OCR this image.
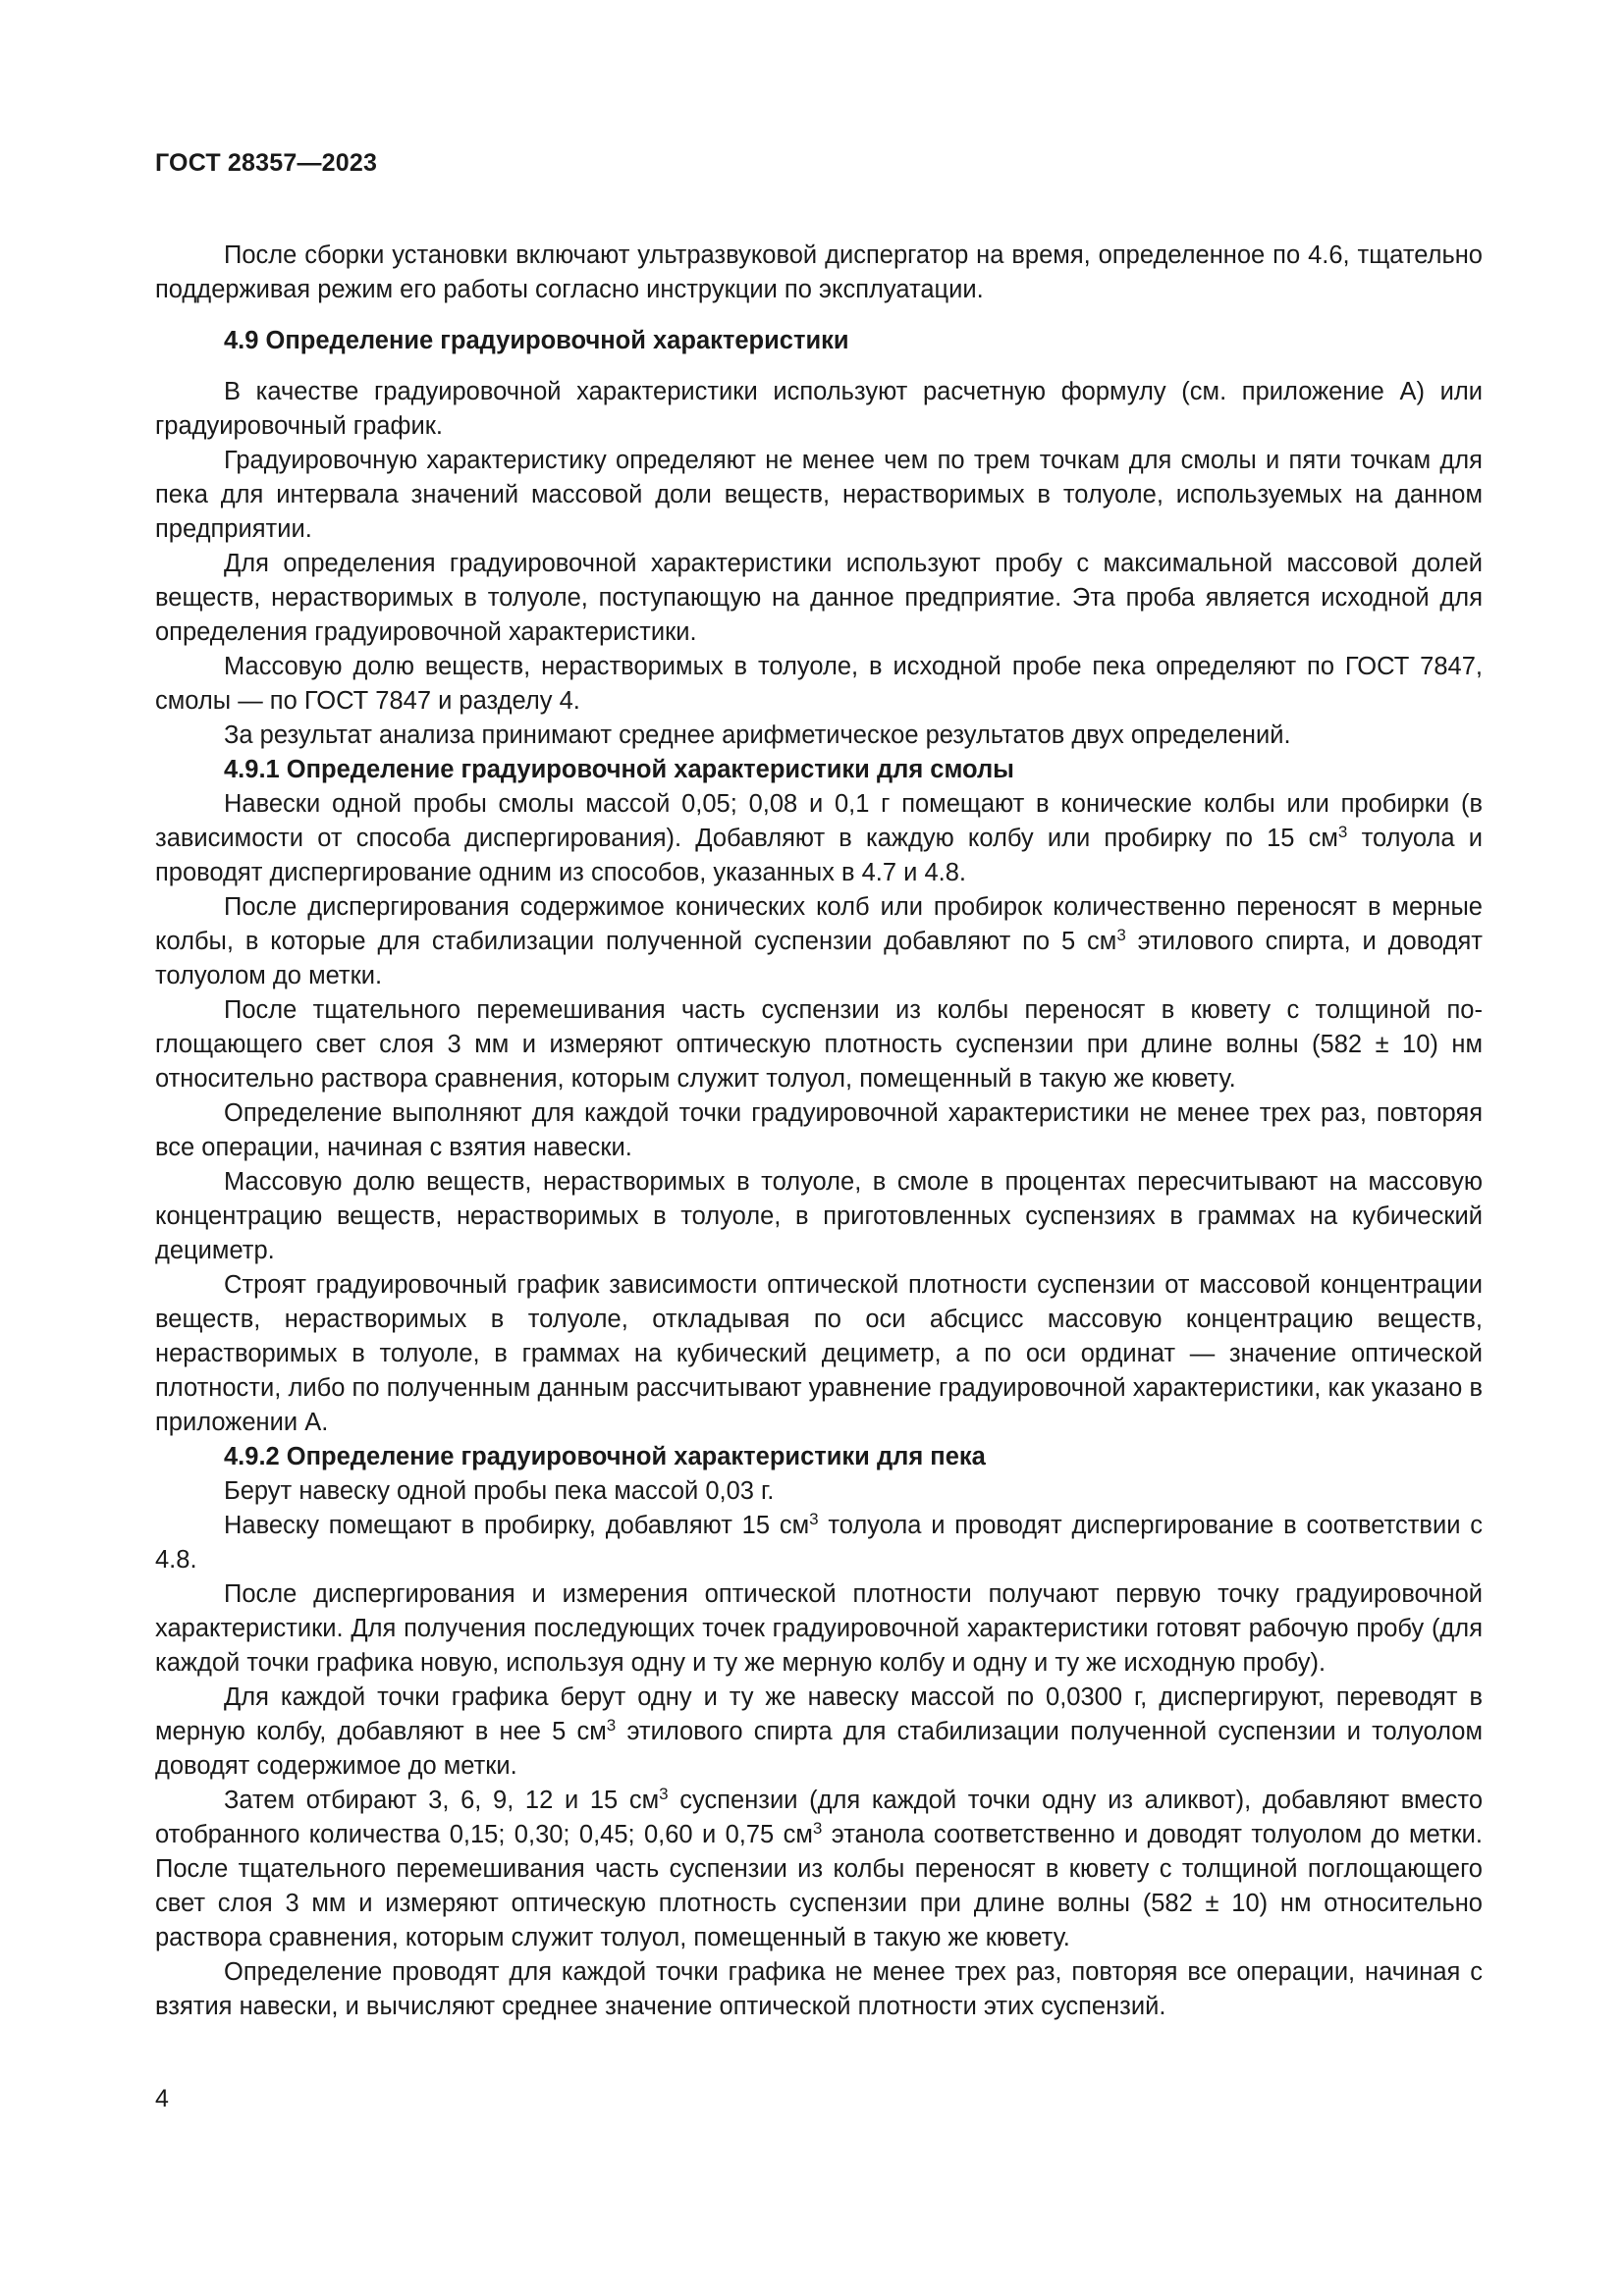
ГОСТ 28357—2023

После сборки установки включают ультразвуковой диспергатор на время, определенное по 4.6, тщательно поддерживая режим его работы согласно инструкции по эксплуатации.

4.9 Определение градуировочной характеристики

В качестве градуировочной характеристики используют расчетную формулу (см. приложение А) или градуировочный график.

Градуировочную характеристику определяют не менее чем по трем точкам для смолы и пяти точкам для пека для интервала значений массовой доли веществ, нерастворимых в толуоле, используемых на данном предприятии.

Для определения градуировочной характеристики используют пробу с максимальной массовой долей веществ, нерастворимых в толуоле, поступающую на данное предприятие. Эта проба является исходной для определения градуировочной характеристики.

Массовую долю веществ, нерастворимых в толуоле, в исходной пробе пека определяют по ГОСТ 7847, смолы — по ГОСТ 7847 и разделу 4.

За результат анализа принимают среднее арифметическое результатов двух определений.

4.9.1 Определение градуировочной характеристики для смолы

Навески одной пробы смолы массой 0,05; 0,08 и 0,1 г помещают в конические колбы или пробирки (в зависимости от способа диспергирования). Добавляют в каждую колбу или пробирку по 15 $см^3$ толуола и проводят диспергирование одним из способов, указанных в 4.7 и 4.8.

После диспергирования содержимое конических колб или пробирок количественно переносят в мерные колбы, в которые для стабилизации полученной суспензии добавляют по 5 $см^3$ этилового спирта, и доводят толуолом до метки.

После тщательного перемешивания часть суспензии из колбы переносят в кювету с толщиной поглощающего свет слоя 3 мм и измеряют оптическую плотность суспензии при длине волны (582 ± 10) нм относительно раствора сравнения, которым служит толуол, помещенный в такую же кювету.

Определение выполняют для каждой точки градуировочной характеристики не менее трех раз, повторяя все операции, начиная с взятия навески.

Массовую долю веществ, нерастворимых в толуоле, в смоле в процентах пересчитывают на массовую концентрацию веществ, нерастворимых в толуоле, в приготовленных суспензиях в граммах на кубический дециметр.

Строят градуировочный график зависимости оптической плотности суспензии от массовой концентрации веществ, нерастворимых в толуоле, откладывая по оси абсцисс массовую концентрацию веществ, нерастворимых в толуоле, в граммах на кубический дециметр, а по оси ординат — значение оптической плотности, либо по полученным данным рассчитывают уравнение градуировочной характеристики, как указано в приложении А.

4.9.2 Определение градуировочной характеристики для пека

Берут навеску одной пробы пека массой 0,03 г.

Навеску помещают в пробирку, добавляют 15 $см^3$ толуола и проводят диспергирование в соответствии с 4.8.

После диспергирования и измерения оптической плотности получают первую точку градуировочной характеристики. Для получения последующих точек градуировочной характеристики готовят рабочую пробу (для каждой точки графика новую, используя одну и ту же мерную колбу и одну и ту же исходную пробу).

Для каждой точки графика берут одну и ту же навеску массой по 0,0300 г, диспергируют, переводят в мерную колбу, добавляют в нее 5 $см^3$ этилового спирта для стабилизации полученной суспензии и толуолом доводят содержимое до метки.

Затем отбирают 3, 6, 9, 12 и 15 $см^3$ суспензии (для каждой точки одну из аликвот), добавляют вместо отобранного количества 0,15; 0,30; 0,45; 0,60 и 0,75 $см^3$ этанола соответственно и доводят толуолом до метки. После тщательного перемешивания часть суспензии из колбы переносят в кювету с толщиной поглощающего свет слоя 3 мм и измеряют оптическую плотность суспензии при длине волны (582 ± 10) нм относительно раствора сравнения, которым служит толуол, помещенный в такую же кювету.

Определение проводят для каждой точки графика не менее трех раз, повторяя все операции, начиная с взятия навески, и вычисляют среднее значение оптической плотности этих суспензий.

4
